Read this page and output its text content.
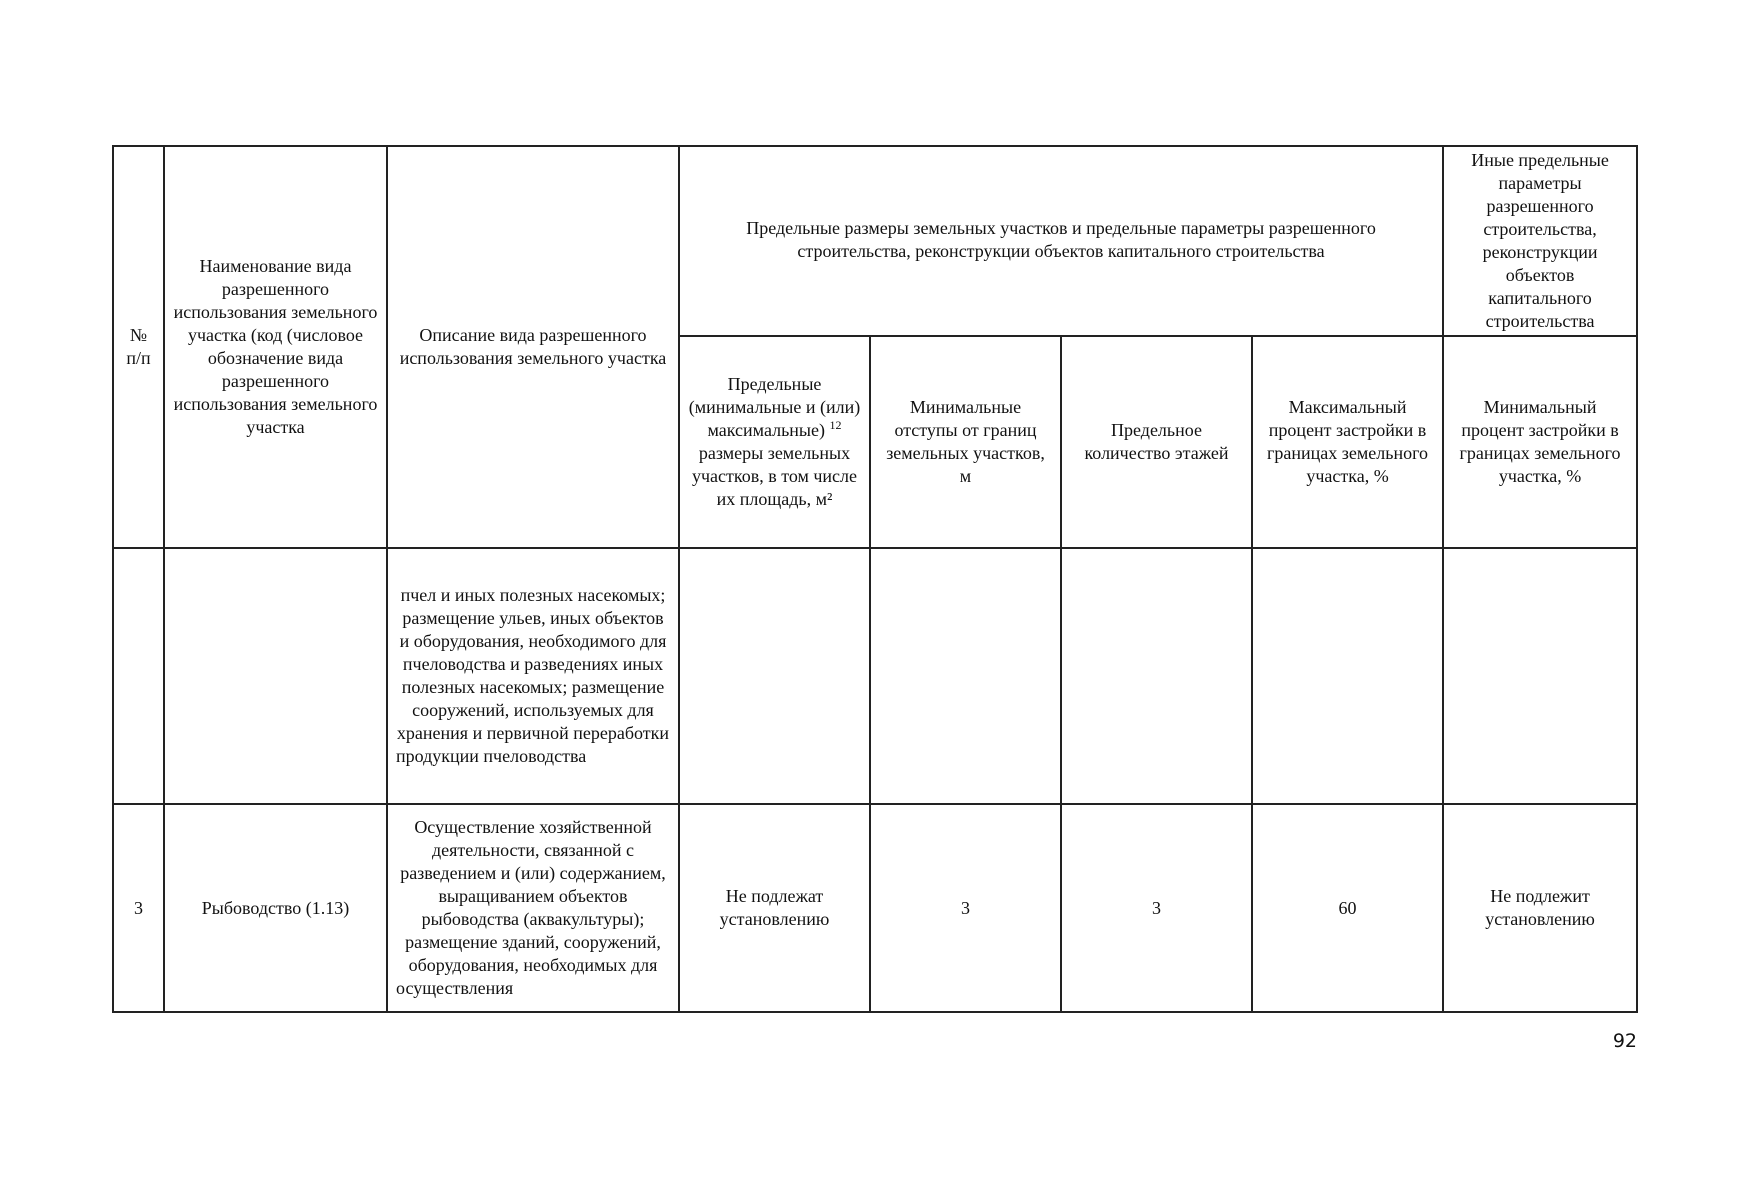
№ п/п	Наименование вида разрешенного использования земельного участка (код (числовое обозначение вида разрешенного использования земельного участка	Описание вида разрешенного использования земельного участка	Предельные размеры земельных участков и предельные параметры разрешенного строительства, реконструкции объектов капитального строительства				Иные предельные параметры разрешенного строительства, реконструкции объектов капитального строительства
			Предельные (минимальные и (или) максимальные) $^{12}$ размеры земельных участков, в том числе их площадь, м²	Минимальные отступы от границ земельных участков, м	Предельное количество этажей	Максимальный процент застройки в границах земельного участка, %	Минимальный процент застройки в границах земельного участка, %
		пчел и иных полезных насекомых; размещение ульев, иных объектов и оборудования, необходимого для пчеловодства и разведениях иных полезных насекомых; размещение сооружений, используемых для хранения и первичной переработки продукции пчеловодства					
3	Рыбоводство (1.13)	Осуществление хозяйственной деятельности, связанной с разведением и (или) содержанием, выращиванием объектов рыбоводства (аквакультуры); размещение зданий, сооружений, оборудования, необходимых для осуществления	Не подлежат установлению	3	3	60	Не подлежит установлению
92
